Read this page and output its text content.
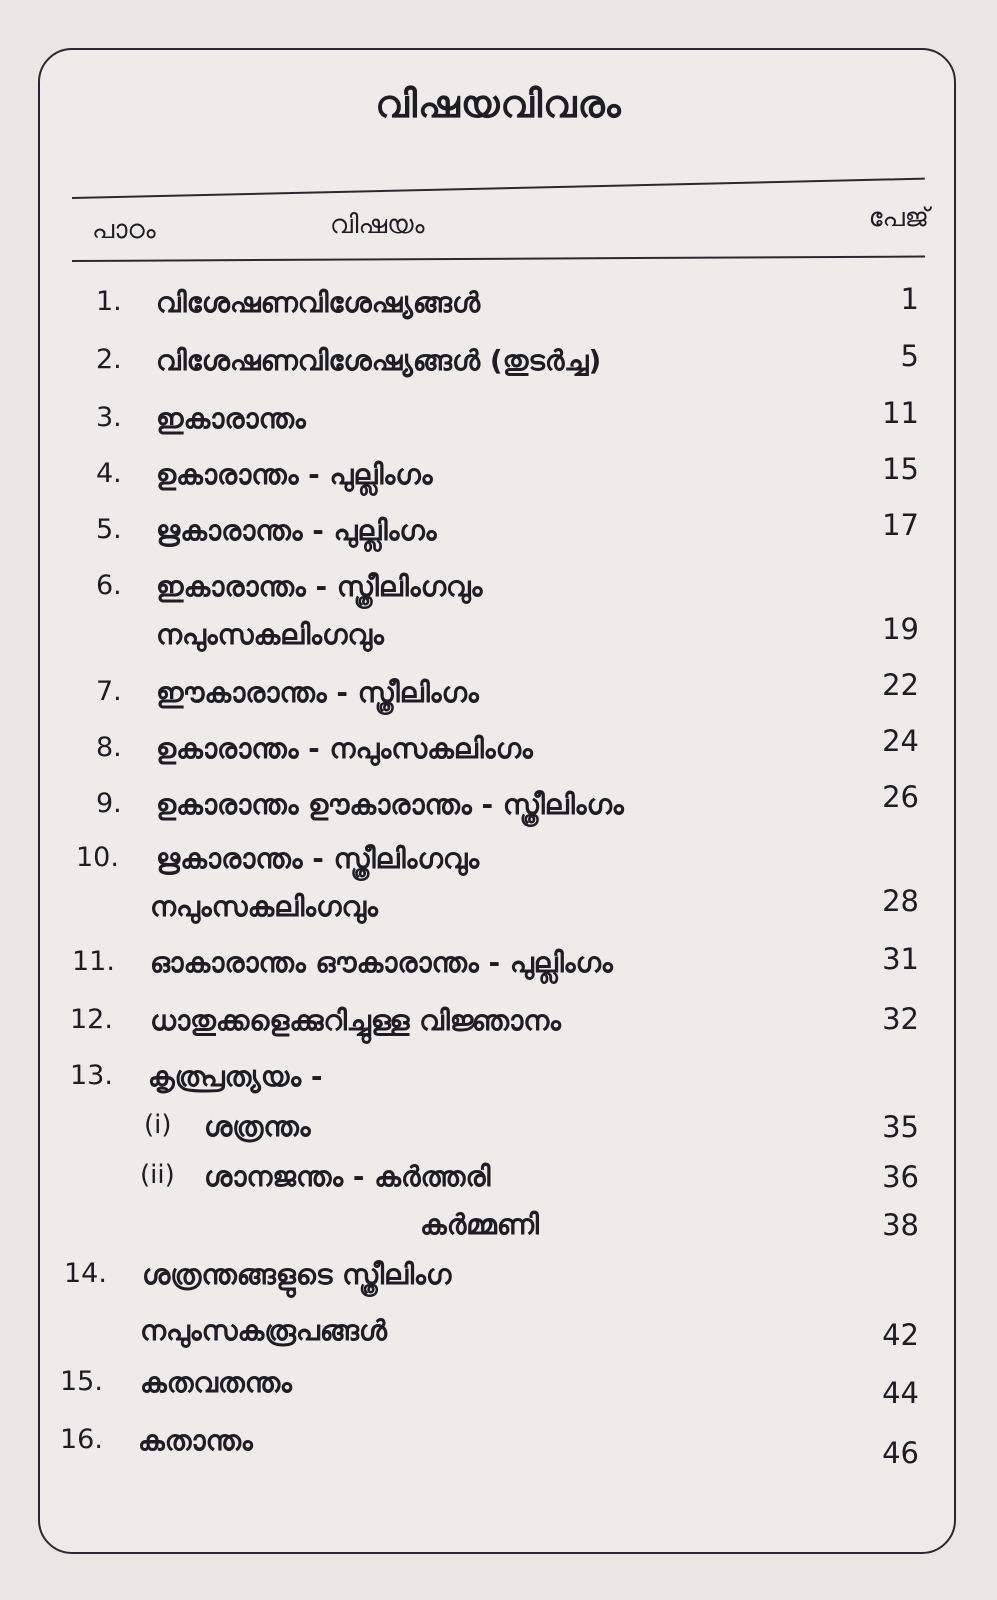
വിഷയവിവരം
പാഠം	വിഷയം	പേജ്
1. വിശേഷണവിശേഷ്യങ്ങൾ	1
2. വിശേഷണവിശേഷ്യങ്ങൾ (തുടർച്ച)	5
3. ഇകാരാന്തം	11
4. ഉകാരാന്തം - പുല്ലിംഗം	15
5. ഋകാരാന്തം - പുല്ലിംഗം	17
6. ഇകാരാന്തം - സ്ത്രീലിംഗവും
നപുംസകലിംഗവും	19
7. ഈകാരാന്തം - സ്ത്രീലിംഗം	22
8. ഉകാരാന്തം - നപുംസകലിംഗം	24
9. ഉകാരാന്തം ഊകാരാന്തം - സ്ത്രീലിംഗം	26
10. ഋകാരാന്തം - സ്ത്രീലിംഗവും
നപുംസകലിംഗവും	28
11. ഓകാരാന്തം ഔകാരാന്തം - പുല്ലിംഗം	31
12. ധാതുക്കളെക്കുറിച്ചുള്ള വിജ്ഞാനം	32
13. കൃത്പ്രത്യയം -
(i) ശത്രന്തം	35
(ii) ശാനജന്തം - കർത്തരി	36
കർമ്മണി	38
14. ശത്രന്തങ്ങളുടെ സ്ത്രീലിംഗ
നപുംസകരൂപങ്ങൾ	42
15. കതവതന്തം	44
16. കതാന്തം	46
